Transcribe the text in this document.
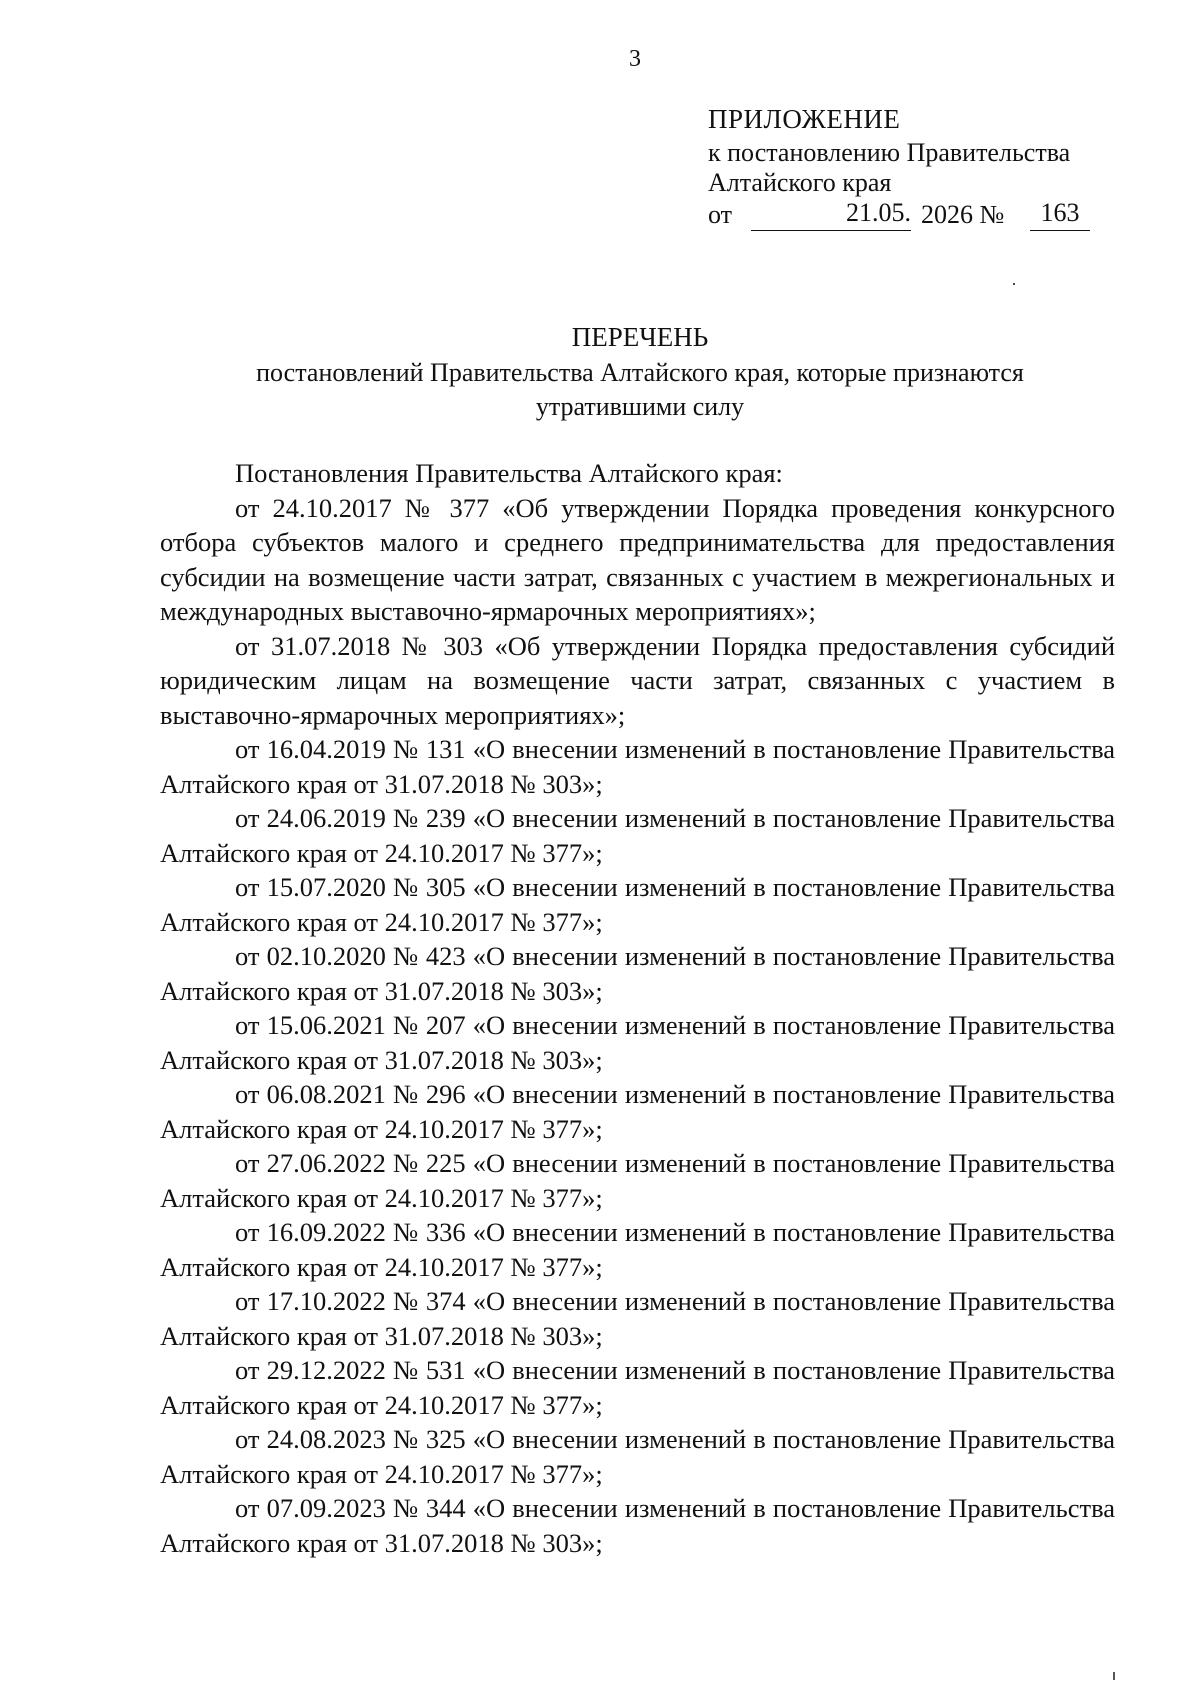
3
ПРИЛОЖЕНИЕ
к постановлению Правительства
Алтайского края
от	21.05. 2026 №	163
ПЕРЕЧЕНЬ
постановлений Правительства Алтайского края, которые признаются
утратившими силу

Постановления Правительства Алтайского края:

от 24.10.2017 № 377 «Об утверждении Порядка проведения конкурсного отбора субъектов малого и среднего предпринимательства для предоставления субсидии на возмещение части затрат, связанных с участием в межрегиональных и международных выставочно-ярмарочных мероприятиях»;

от 31.07.2018 № 303 «Об утверждении Порядка предоставления субсидий юридическим лицам на возмещение части затрат, связанных с участием в выставочно-ярмарочных мероприятиях»;

от 16.04.2019 № 131 «О внесении изменений в постановление Правительства Алтайского края от 31.07.2018 № 303»;

от 24.06.2019 № 239 «О внесении изменений в постановление Правительства Алтайского края от 24.10.2017 № 377»;

от 15.07.2020 № 305 «О внесении изменений в постановление Правительства Алтайского края от 24.10.2017 № 377»;

от 02.10.2020 № 423 «О внесении изменений в постановление Правительства Алтайского края от 31.07.2018 № 303»;

от 15.06.2021 № 207 «О внесении изменений в постановление Правительства Алтайского края от 31.07.2018 № 303»;

от 06.08.2021 № 296 «О внесении изменений в постановление Правительства Алтайского края от 24.10.2017 № 377»;

от 27.06.2022 № 225 «О внесении изменений в постановление Правительства Алтайского края от 24.10.2017 № 377»;

от 16.09.2022 № 336 «О внесении изменений в постановление Правительства Алтайского края от 24.10.2017 № 377»;

от 17.10.2022 № 374 «О внесении изменений в постановление Правительства Алтайского края от 31.07.2018 № 303»;

от 29.12.2022 № 531 «О внесении изменений в постановление Правительства Алтайского края от 24.10.2017 № 377»;

от 24.08.2023 № 325 «О внесении изменений в постановление Правительства Алтайского края от 24.10.2017 № 377»;

от 07.09.2023 № 344 «О внесении изменений в постановление Правительства Алтайского края от 31.07.2018 № 303»;
